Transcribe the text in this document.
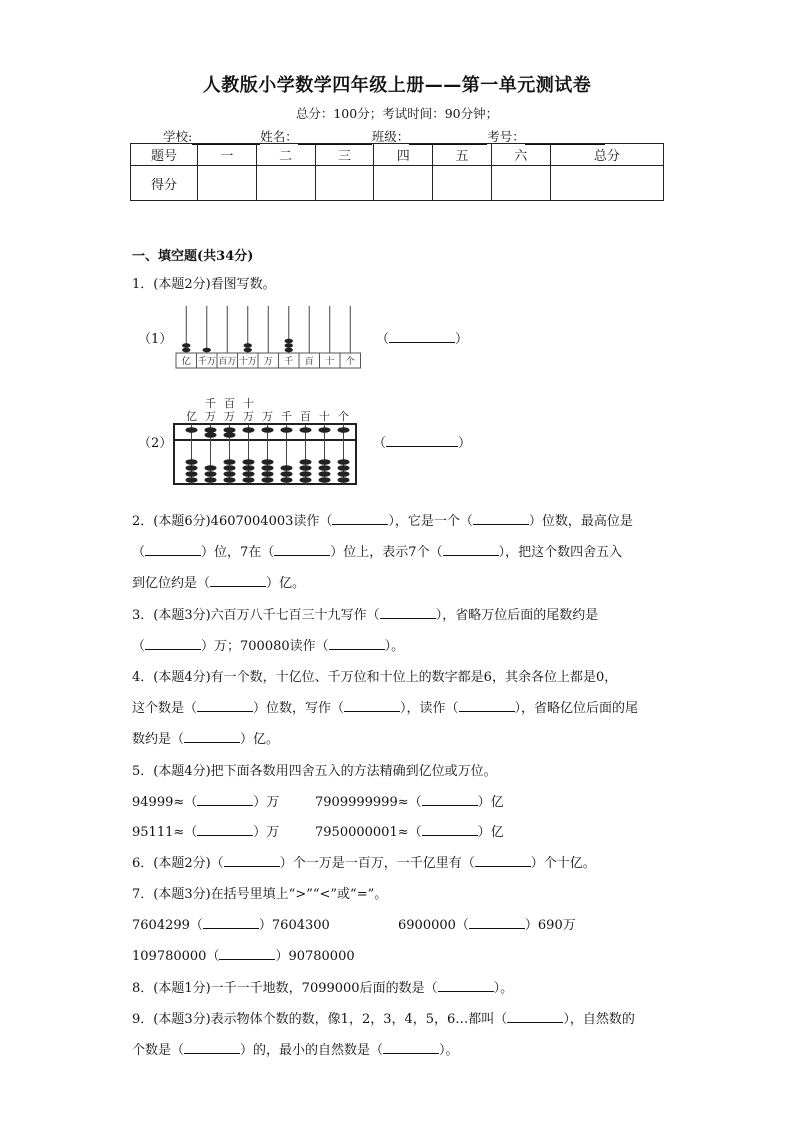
人教版小学数学四年级上册——第一单元测试卷
总分：100分；考试时间：90分钟；
学校:	姓名：	班级：	考号：
题号	一	二	三	四	五	六	总分
得分							
一、填空题(共34分)
1．(本题2分)看图写数。
（1）
亿 千万 百万 十万 万 千 百 十 个
（	）
（2）
千 百 十
亿 万 万 万 万 千 百 十 个
（	）
2．(本题6分)4607004003读作（	），它是一个（	）位数，最高位是
（	）位，7在（	）位上，表示7个（	），把这个数四舍五入
到亿位约是（	）亿。
3．(本题3分)六百万八千七百三十九写作（	），省略万位后面的尾数约是
（	）万；700080读作（	）。
4．(本题4分)有一个数，十亿位、千万位和十位上的数字都是6，其余各位上都是0，
这个数是（	）位数，写作（	），读作（	），省略亿位后面的尾
数约是（	）亿。
5．(本题4分)把下面各数用四舍五入的方法精确到亿位或万位。
94999≈（	）万	7909999999≈（	）亿
95111≈（	）万	7950000001≈（	）亿
6．(本题2分)（	）个一万是一百万，一千亿里有（	）个十亿。
7．(本题3分)在括号里填上“>”“<”或“=”。
7604299（	）7604300	6900000（	）690万
109780000（	）90780000
8．(本题1分)一千一千地数，7099000后面的数是（	）。
9．(本题3分)表示物体个数的数，像1，2，3，4，5，6…都叫（	），自然数的
个数是（	）的，最小的自然数是（	）。
